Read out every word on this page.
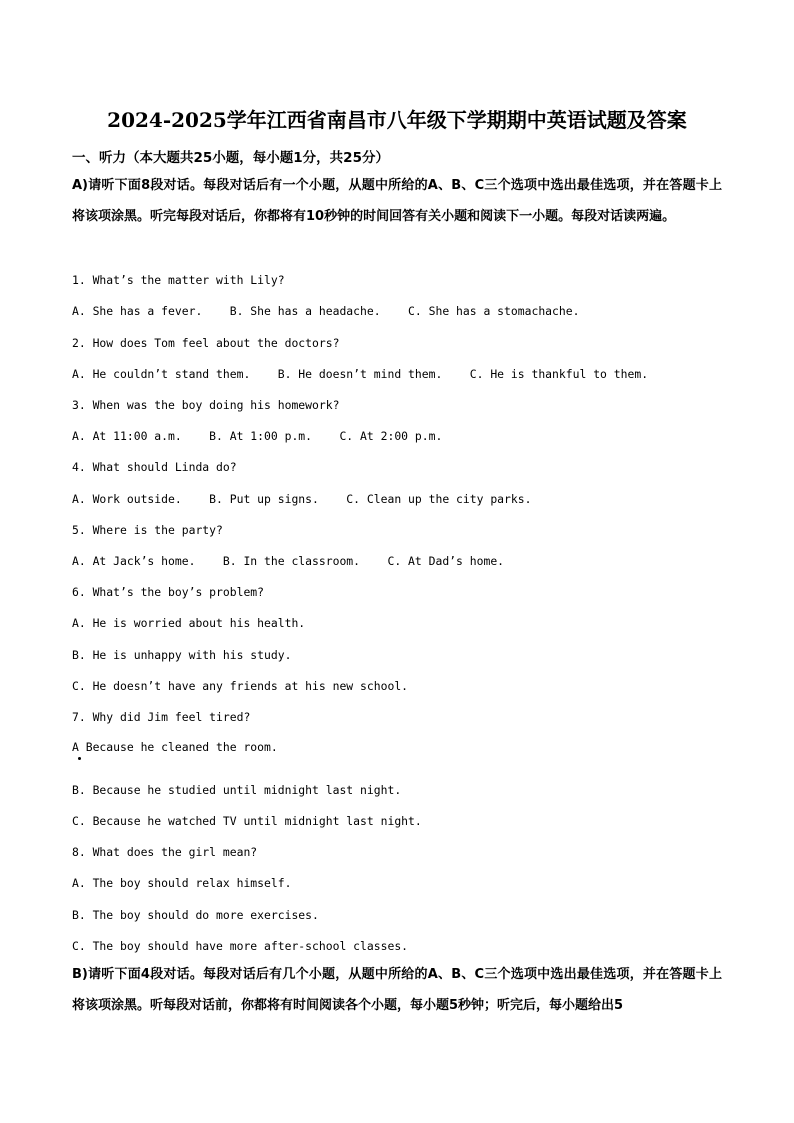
2024-2025学年江西省南昌市八年级下学期期中英语试题及答案
一、听力（本大题共25小题，每小题1分，共25分）
A)请听下面8段对话。每段对话后有一个小题，从题中所给的A、B、C三个选项中选出最佳选项，并在答题卡上将该项涂黑。听完每段对话后，你都将有10秒钟的时间回答有关小题和阅读下一小题。每段对话读两遍。
1. What’s the matter with Lily?
A. She has a fever.    B. She has a headache.    C. She has a stomachache.
2. How does Tom feel about the doctors?
A. He couldn’t stand them.    B. He doesn’t mind them.    C. He is thankful to them.
3. When was the boy doing his homework?
A. At 11:00 a.m.    B. At 1:00 p.m.    C. At 2:00 p.m.
4. What should Linda do?
A. Work outside.    B. Put up signs.    C. Clean up the city parks.
5. Where is the party?
A. At Jack’s home.    B. In the classroom.    C. At Dad’s home.
6. What’s the boy’s problem?
A. He is worried about his health.
B. He is unhappy with his study.
C. He doesn’t have any friends at his new school.
7. Why did Jim feel tired?
A Because he cleaned the room.
B. Because he studied until midnight last night.
C. Because he watched TV until midnight last night.
8. What does the girl mean?
A. The boy should relax himself.
B. The boy should do more exercises.
C. The boy should have more after-school classes.
B)请听下面4段对话。每段对话后有几个小题，从题中所给的A、B、C三个选项中选出最佳选项，并在答题卡上将该项涂黑。听每段对话前，你都将有时间阅读各个小题，每小题5秒钟；听完后，每小题给出5
